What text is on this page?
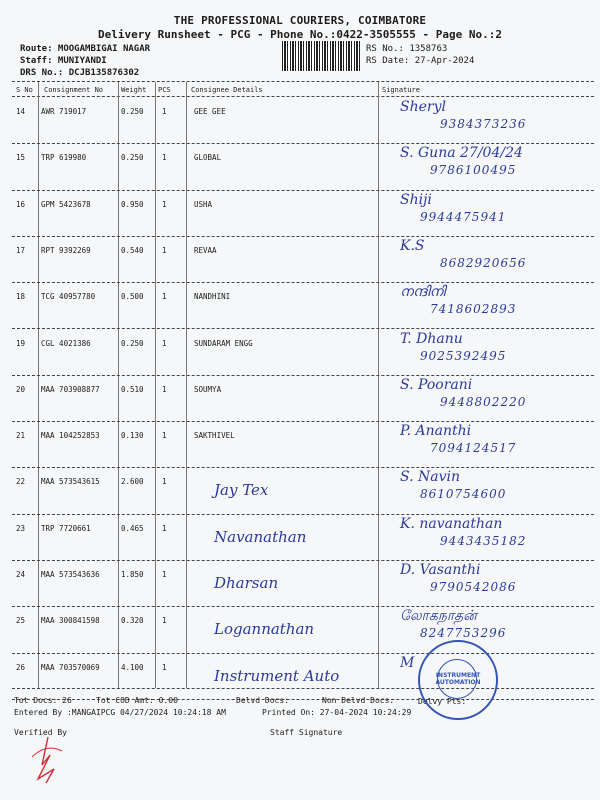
THE PROFESSIONAL COURIERS, COIMBATORE
Delivery Runsheet - PCG - Phone No.:0422-3505555 - Page No.:2
Route: MOOGAMBIGAI NAGAR
Staff: MUNIYANDI
DRS No.: DCJB135876302
RS No.: 1358763
RS Date: 27-Apr-2024
S No Consignment No	Weight PCS	Consignee Details	Signature
14 AWR 719017	0.250 1	GEE GEE	Sheryl
9384373236
15 TRP 619980	0.250 1	GLOBAL	S. Guna 27/04/24
9786100495
16 GPM 5423678	0.950 1	USHA	Shiji
9944475941
17 RPT 9392269	0.540 1	REVAA	K.S
8682920656
18 TCG 40957780	0.500 1	NANDHINI	നന്ദിനി
7418602893
19 CGL 4021386	0.250 1	SUNDARAM ENGG	T. Dhanu
9025392495
20 MAA 703908877	0.510 1	SOUMYA	S. Poorani
9448802220
21 MAA 104252853	0.130 1	SAKTHIVEL	P. Ananthi
7094124517
22 MAA 573543615	2.600 1	Jay Tex
S. Navin
8610754600
23 TRP 7720661	0.465 1	Navanathan
K. navanathan
9443435182
24 MAA 573543636	1.850 1	Dharsan
D. Vasanthi
9790542086
25 MAA 300841598	0.320 1	Logannathan
லோகநாதன்
8247753296
26 MAA 703570069	4.100 1	Instrument Auto
M
Tot Docs: 26	Tot COD Amt: 0.00	Delvd Docs:	Non Delvd Docs:	Delvy Pts:
Entered By :MANGAIPCG 04/27/2024 10:24:18 AM	Printed On: 27-04-2024 10:24:29
Verified By	Staff Signature
INSTRUMENT AUTOMATION
